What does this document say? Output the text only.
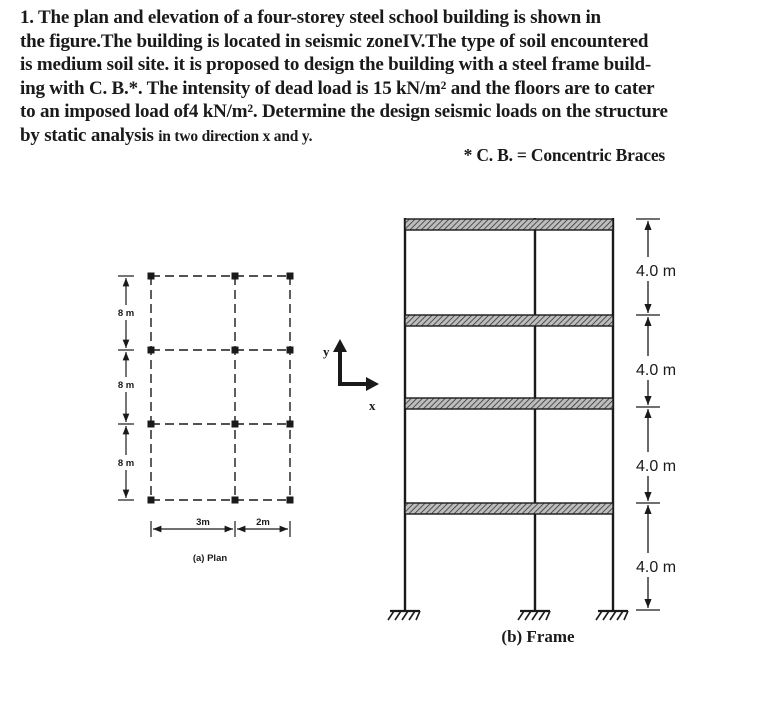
1. The plan and elevation of a four-storey steel school building is shown in
the figure.The building is located in seismic zoneIV.The type of soil encountered
is medium soil site. it is proposed to design the building with a steel frame build-
ing with C. B.*. The intensity of dead load is 15 kN/m² and the floors are to cater
to an imposed load of4 kN/m². Determine the design seismic loads on the structure
by static analysis in two direction x and y.
* C. B. = Concentric Braces
8 m
8 m
8 m
3m	2m
(a) Plan
y
x
4.0 m
4.0 m
4.0 m
4.0 m
(b) Frame
